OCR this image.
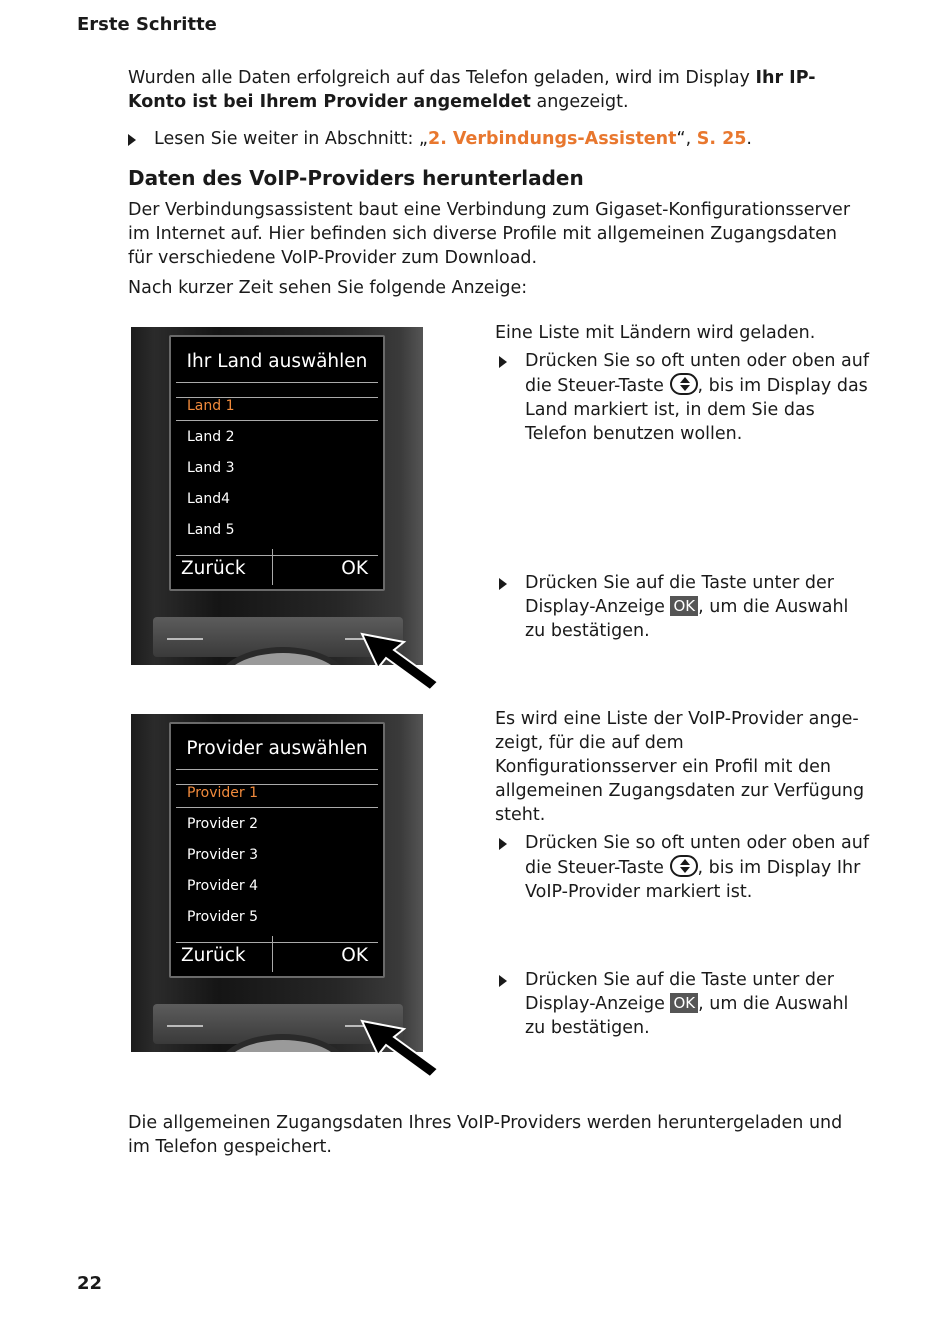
Erste Schritte
Wurden alle Daten erfolgreich auf das Telefon geladen, wird im Display Ihr IP-Konto ist bei Ihrem Provider angemeldet angezeigt.
Lesen Sie weiter in Abschnitt: „2. Verbindungs-Assistent“, S. 25.
Daten des VoIP-Providers herunterladen
Der Verbindungsassistent baut eine Verbindung zum Gigaset-Konfigurationsserver im Internet auf. Hier befinden sich diverse Profile mit allgemeinen Zugangsdaten für verschiedene VoIP-Provider zum Download.
Nach kurzer Zeit sehen Sie folgende Anzeige:
Ihr Land auswählen
Land 1
Land 2
Land 3
Land4
Land 5
Zurück	OK
Eine Liste mit Ländern wird geladen.
Drücken Sie so oft unten oder oben auf die Steuer-Taste , bis im Display das Land markiert ist, in dem Sie das Telefon benutzen wollen.
Drücken Sie auf die Taste unter der Display-Anzeige OK , um die Auswahl zu bestätigen.
Provider auswählen
Provider 1
Provider 2
Provider 3
Provider 4
Provider 5
Zurück	OK
Es wird eine Liste der VoIP-Provider angezeigt, für die auf dem Konfigurationsserver ein Profil mit den allgemeinen Zugangsdaten zur Verfügung steht.
Drücken Sie so oft unten oder oben auf die Steuer-Taste , bis im Display Ihr VoIP-Provider markiert ist.
Drücken Sie auf die Taste unter der Display-Anzeige OK , um die Auswahl zu bestätigen.
Die allgemeinen Zugangsdaten Ihres VoIP-Providers werden heruntergeladen und im Telefon gespeichert.
22
